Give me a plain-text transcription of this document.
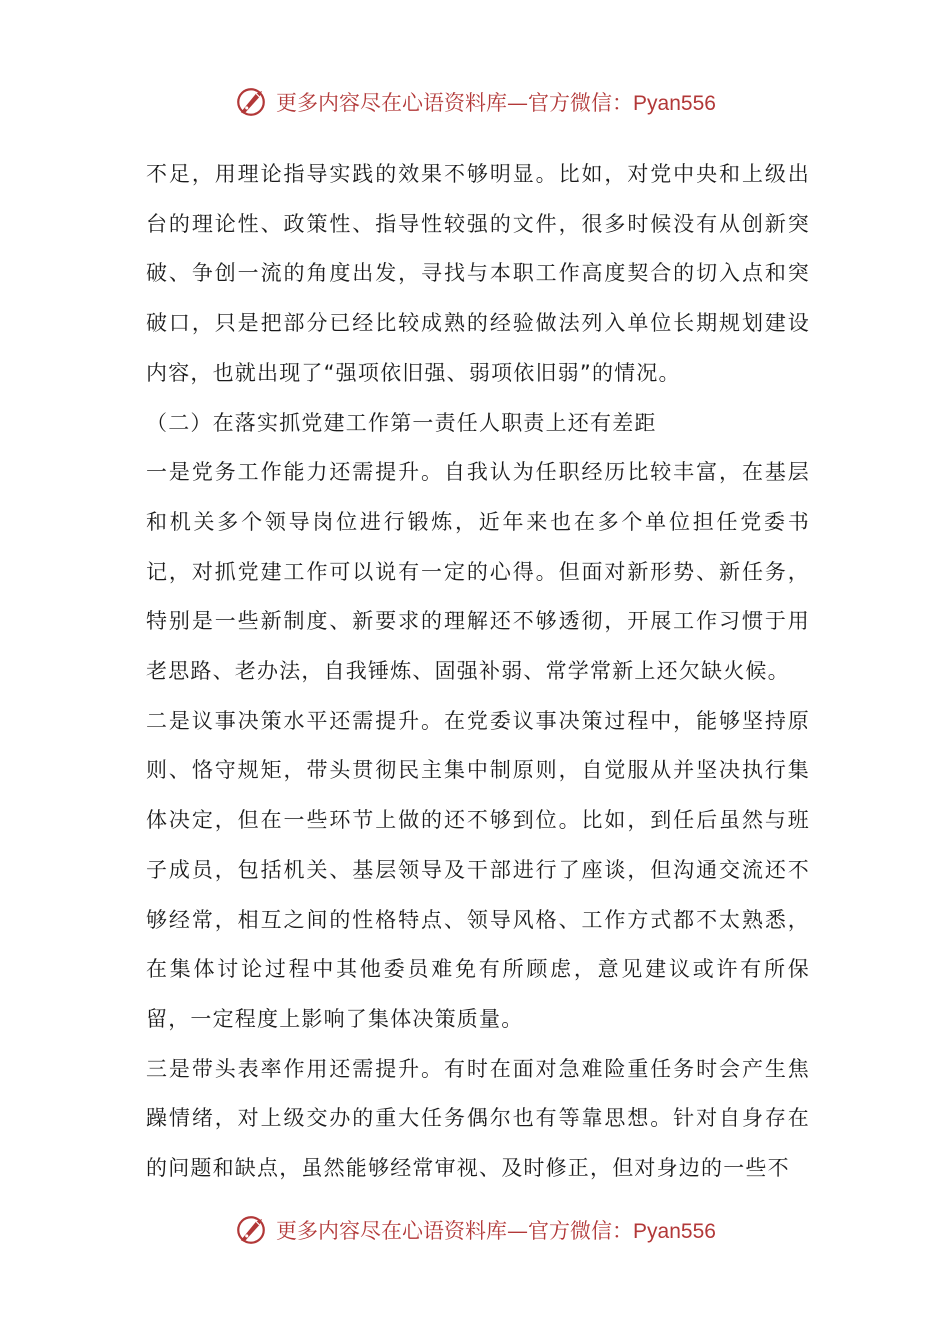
更多内容尽在心语资料库—官方微信：Pyan556

不足，用理论指导实践的效果不够明显。比如，对党中央和上级出台的理论性、政策性、指导性较强的文件，很多时候没有从创新突破、争创一流的角度出发，寻找与本职工作高度契合的切入点和突破口，只是把部分已经比较成熟的经验做法列入单位长期规划建设内容，也就出现了“强项依旧强、弱项依旧弱”的情况。

（二）在落实抓党建工作第一责任人职责上还有差距

一是党务工作能力还需提升。自我认为任职经历比较丰富，在基层和机关多个领导岗位进行锻炼，近年来也在多个单位担任党委书记，对抓党建工作可以说有一定的心得。但面对新形势、新任务，特别是一些新制度、新要求的理解还不够透彻，开展工作习惯于用老思路、老办法，自我锤炼、固强补弱、常学常新上还欠缺火候。

二是议事决策水平还需提升。在党委议事决策过程中，能够坚持原则、恪守规矩，带头贯彻民主集中制原则，自觉服从并坚决执行集体决定，但在一些环节上做的还不够到位。比如，到任后虽然与班子成员，包括机关、基层领导及干部进行了座谈，但沟通交流还不够经常，相互之间的性格特点、领导风格、工作方式都不太熟悉，在集体讨论过程中其他委员难免有所顾虑，意见建议或许有所保留，一定程度上影响了集体决策质量。

三是带头表率作用还需提升。有时在面对急难险重任务时会产生焦躁情绪，对上级交办的重大任务偶尔也有等靠思想。针对自身存在的问题和缺点，虽然能够经常审视、及时修正，但对身边的一些不

更多内容尽在心语资料库—官方微信：Pyan556
